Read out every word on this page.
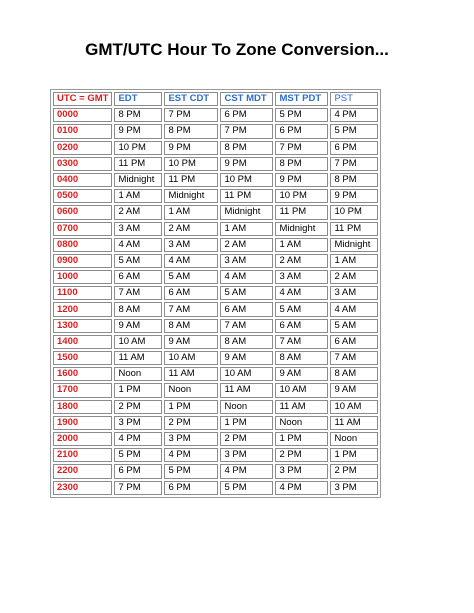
GMT/UTC Hour To Zone Conversion...
UTC = GMT	EDT	EST CDT	CST MDT	MST PDT	PST
0000	8 PM	7 PM	6 PM	5 PM	4 PM
0100	9 PM	8 PM	7 PM	6 PM	5 PM
0200	10 PM	9 PM	8 PM	7 PM	6 PM
0300	11 PM	10 PM	9 PM	8 PM	7 PM
0400	Midnight	11 PM	10 PM	9 PM	8 PM
0500	1 AM	Midnight	11 PM	10 PM	9 PM
0600	2 AM	1 AM	Midnight	11 PM	10 PM
0700	3 AM	2 AM	1 AM	Midnight	11 PM
0800	4 AM	3 AM	2 AM	1 AM	Midnight
0900	5 AM	4 AM	3 AM	2 AM	1 AM
1000	6 AM	5 AM	4 AM	3 AM	2 AM
1100	7 AM	6 AM	5 AM	4 AM	3 AM
1200	8 AM	7 AM	6 AM	5 AM	4 AM
1300	9 AM	8 AM	7 AM	6 AM	5 AM
1400	10 AM	9 AM	8 AM	7 AM	6 AM
1500	11 AM	10 AM	9 AM	8 AM	7 AM
1600	Noon	11 AM	10 AM	9 AM	8 AM
1700	1 PM	Noon	11 AM	10 AM	9 AM
1800	2 PM	1 PM	Noon	11 AM	10 AM
1900	3 PM	2 PM	1 PM	Noon	11 AM
2000	4 PM	3 PM	2 PM	1 PM	Noon
2100	5 PM	4 PM	3 PM	2 PM	1 PM
2200	6 PM	5 PM	4 PM	3 PM	2 PM
2300	7 PM	6 PM	5 PM	4 PM	3 PM
